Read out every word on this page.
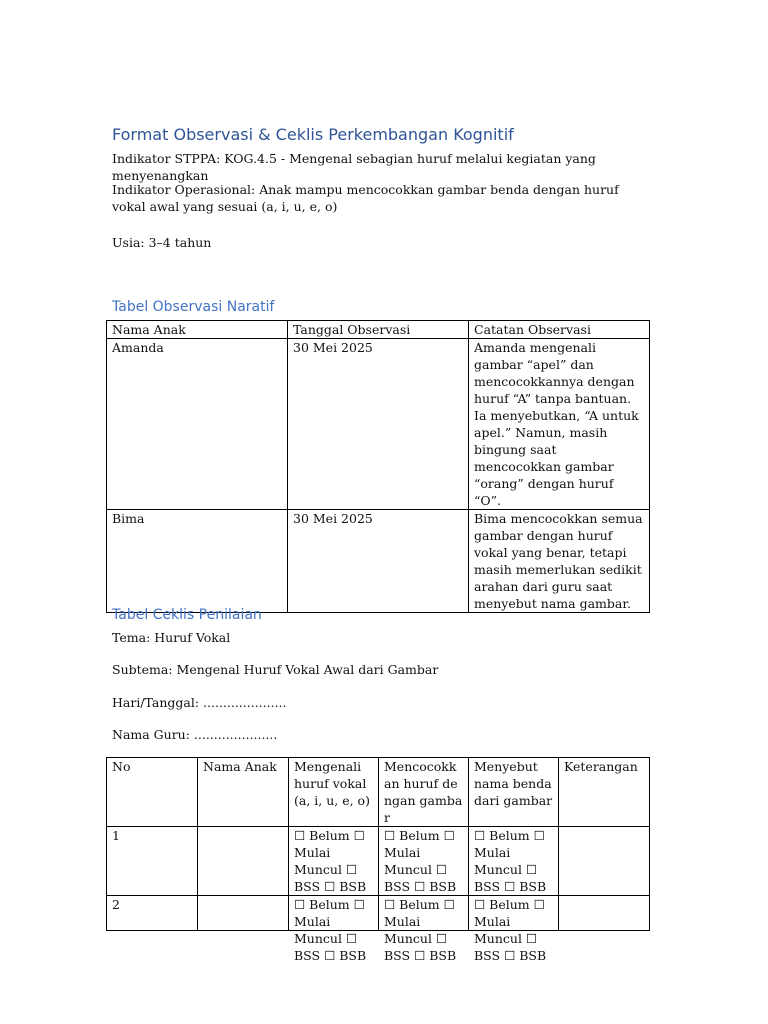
Format Observasi & Ceklis Perkembangan Kognitif

Indikator STPPA: KOG.4.5 - Mengenal sebagian huruf melalui kegiatan yang menyenangkan

Indikator Operasional: Anak mampu mencocokkan gambar benda dengan huruf vokal awal yang sesuai (a, i, u, e, o)

Usia: 3–4 tahun

Tabel Observasi Naratif
Nama Anak	Tanggal Observasi	Catatan Observasi
Amanda	30 Mei 2025	Amanda mengenali gambar “apel” dan mencocokkannya dengan huruf “A” tanpa bantuan. Ia menyebutkan, “A untuk apel.” Namun, masih bingung saat mencocokkan gambar “orang” dengan huruf “O”.
Bima	30 Mei 2025	Bima mencocokkan semua gambar dengan huruf vokal yang benar, tetapi masih memerlukan sedikit arahan dari guru saat menyebut nama gambar.
Tabel Ceklis Penilaian

Tema: Huruf Vokal

Subtema: Mengenal Huruf Vokal Awal dari Gambar

Hari/Tanggal: .....................

Nama Guru: .....................

No	Nama Anak	Mengenali huruf vokal (a, i, u, e, o)	Mencocokkan huruf dengan gambar	Menyebut nama benda dari gambar	Keterangan
1		☐ Belum ☐ Mulai Muncul ☐ BSS ☐ BSB	☐ Belum ☐ Mulai Muncul ☐ BSS ☐ BSB	☐ Belum ☐ Mulai Muncul ☐ BSS ☐ BSB	
2		☐ Belum ☐ Mulai Muncul ☐ BSS ☐ BSB	☐ Belum ☐ Mulai Muncul ☐ BSS ☐ BSB	☐ Belum ☐ Mulai Muncul ☐ BSS ☐ BSB	
